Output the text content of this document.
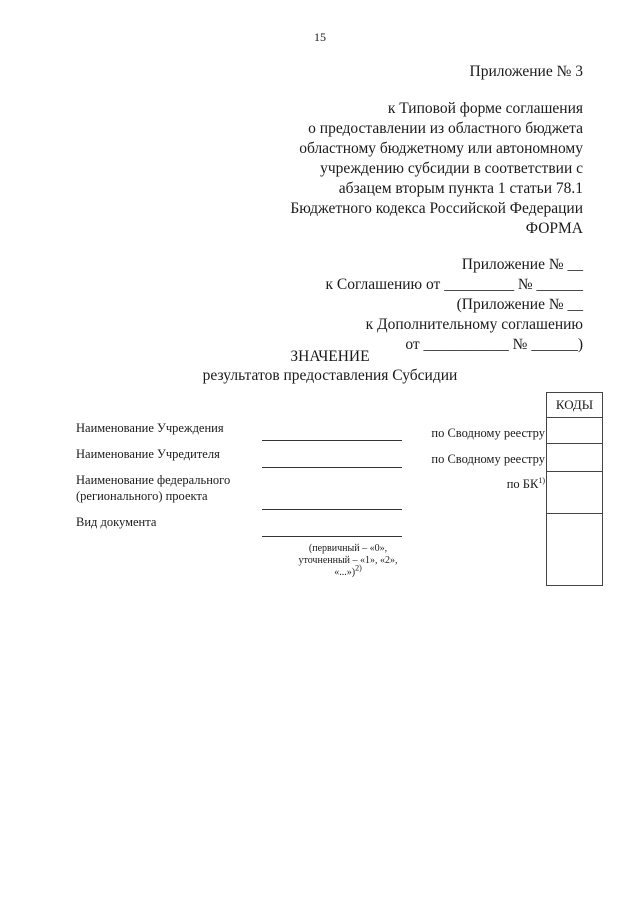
15
Приложение № 3
к Типовой форме соглашения
о предоставлении из областного бюджета
областному бюджетному или автономному
учреждению субсидии в соответствии с
абзацем вторым пункта 1 статьи 78.1
Бюджетного кодекса Российской Федерации
ФОРМА
Приложение № __
к Соглашению от _________ № ______
(Приложение № __
к Дополнительному соглашению
от ___________ № ______)
ЗНАЧЕНИЕ
результатов предоставления Субсидии
Наименование Учреждения
Наименование Учредителя
Наименование федерального
(регионального) проекта
Вид документа
(первичный – «0»,
уточненный – «1», «2»,
«...»)$^{2)}$
по Сводному реестру
по Сводному реестру
по БК$^{1)}$
КОДЫ
